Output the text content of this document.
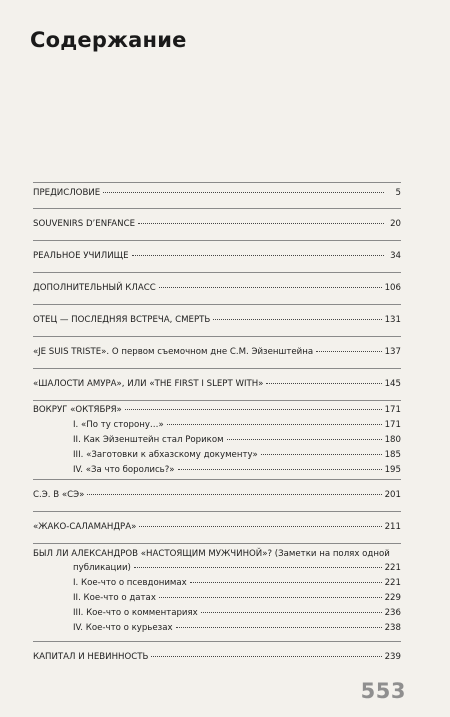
Содержание
ПРЕДИСЛОВИЕ	5
SOUVENIRS D’ENFANCE	20
РЕАЛЬНОЕ УЧИЛИЩЕ	34
ДОПОЛНИТЕЛЬНЫЙ КЛАСС	106
ОТЕЦ — ПОСЛЕДНЯЯ ВСТРЕЧА, СМЕРТЬ	131
«JE SUIS TRISTE». О первом съемочном дне С.М. Эйзенштейна	137
«ШАЛОСТИ АМУРА», ИЛИ «THE FIRST I SLEPT WITH»	145
ВОКРУГ «ОКТЯБРЯ»	171
I. «По ту сторону…»	171
II. Как Эйзенштейн стал Рориком	180
III. «Заготовки к абхазскому документу»	185
IV. «За что боролись?»	195
С.Э. В «СЭ»	201
«ЖАКО-САЛАМАНДРА»	211
БЫЛ ЛИ АЛЕКСАНДРОВ «НАСТОЯЩИМ МУЖЧИНОЙ»? (Заметки на полях одной
публикации)	221
I. Кое-что о псевдонимах	221
II. Кое-что о датах	229
III. Кое-что о комментариях	236
IV. Кое-что о курьезах	238
КАПИТАЛ И НЕВИННОСТЬ	239
553
